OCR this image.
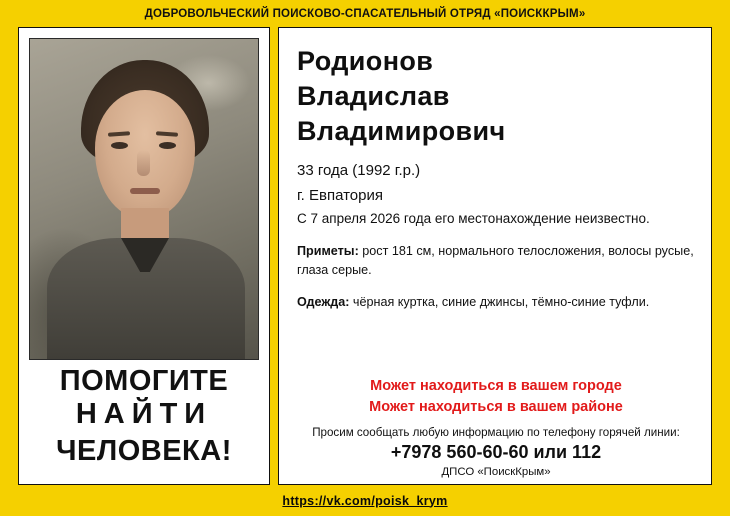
ДОБРОВОЛЬЧЕСКИЙ ПОИСКОВО-СПАСАТЕЛЬНЫЙ ОТРЯД «ПОИСККРЫМ»
ПОМОГИТЕ
НАЙТИ
ЧЕЛОВЕКА!
Родионов
Владислав
Владимирович
33 года (1992 г.р.)
г. Евпатория
С 7 апреля 2026 года его местонахождение неизвестно.
Приметы: рост 181 см, нормального телосложения, волосы русые, глаза серые.
Одежда: чёрная куртка, синие джинсы, тёмно-синие туфли.
Может находиться в вашем городе
Может находиться в вашем районе
Просим сообщать любую информацию по телефону горячей линии:
+7978 560-60-60 или 112
ДПСО «ПоискКрым»
https://vk.com/poisk_krym
